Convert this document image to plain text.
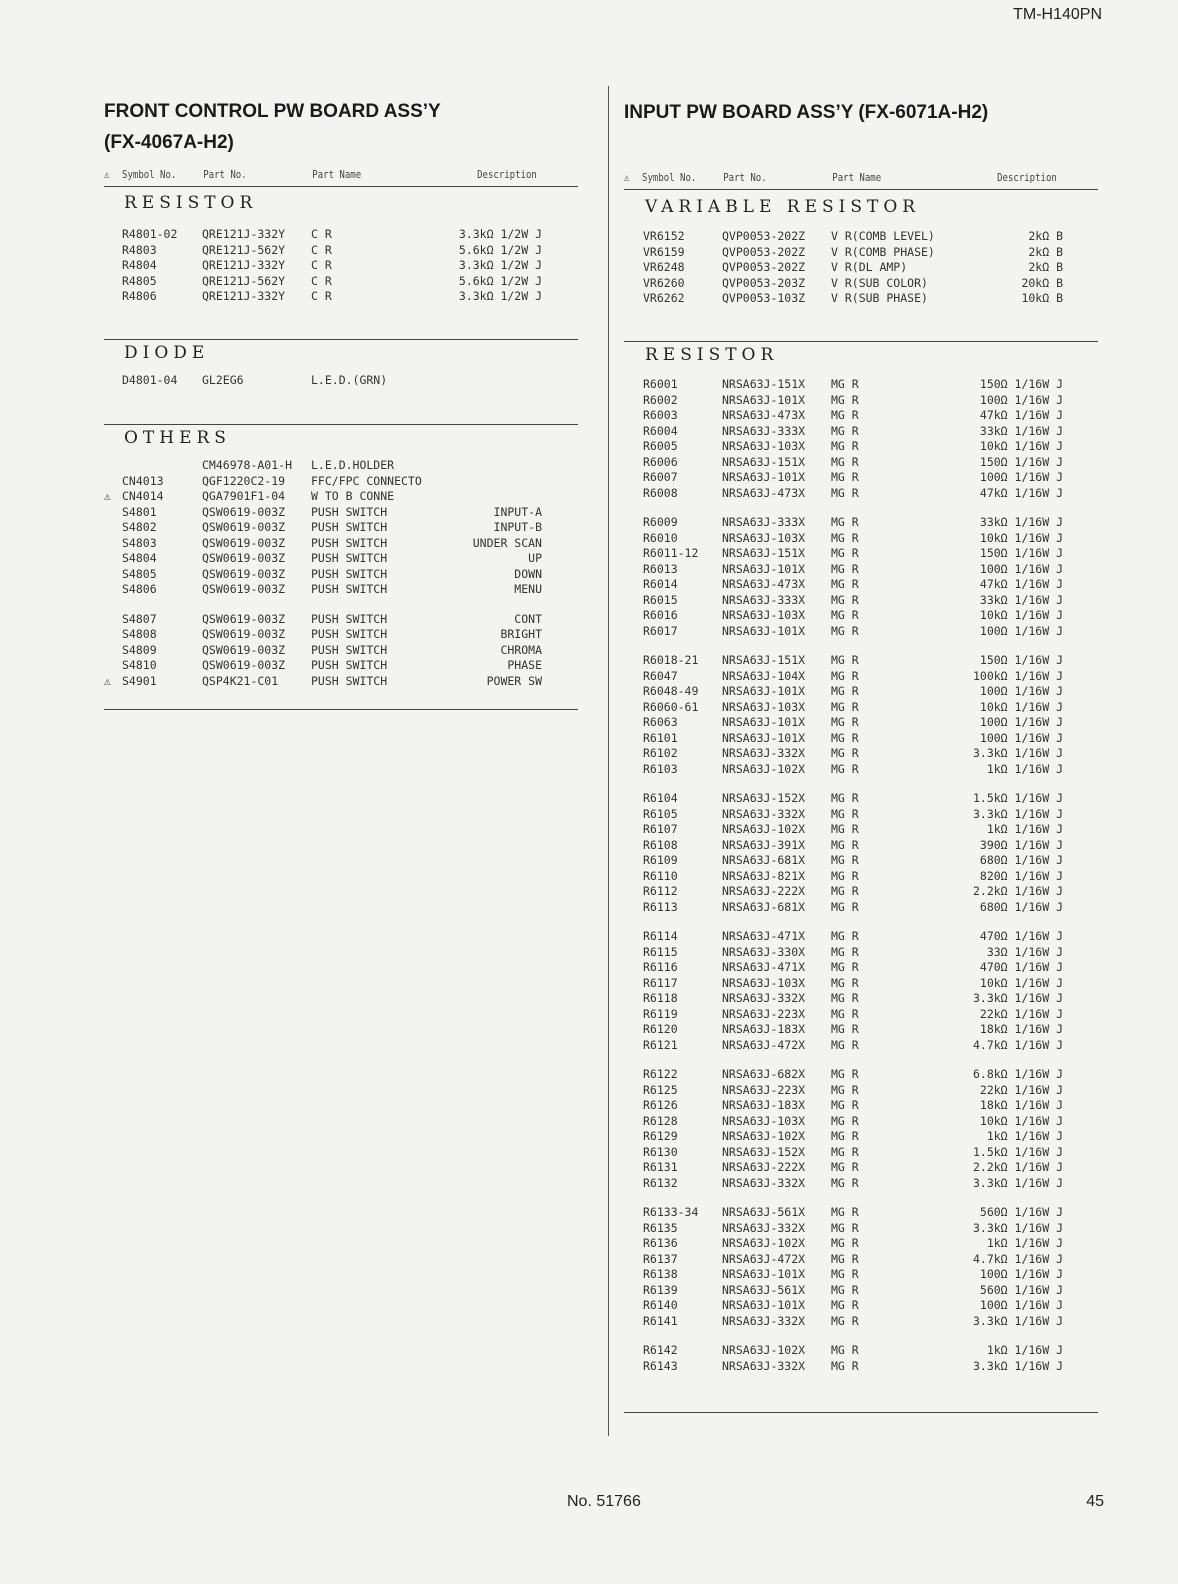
TM-H140PN
FRONT CONTROL PW BOARD ASS’Y
(FX-4067A-H2)
⚠ Symbol No. Part No.	Part Name	Description
RESISTOR
R4801-02 QRE121J-332Y C R	3.3kΩ 1/2W J
R4803	QRE121J-562Y C R	5.6kΩ 1/2W J
R4804	QRE121J-332Y C R	3.3kΩ 1/2W J
R4805	QRE121J-562Y C R	5.6kΩ 1/2W J
R4806	QRE121J-332Y C R	3.3kΩ 1/2W J
DIODE
D4801-04 GL2EG6	L.E.D.(GRN)
OTHERS
CM46978-A01-H L.E.D.HOLDER
CN4013	QGF1220C2-19 FFC/FPC CONNECTO
⚠ CN4014	QGA7901F1-04 W TO B CONNE
S4801	QSW0619-003Z PUSH SWITCH	INPUT-A
S4802	QSW0619-003Z PUSH SWITCH	INPUT-B
S4803	QSW0619-003Z PUSH SWITCH	UNDER SCAN
S4804	QSW0619-003Z PUSH SWITCH	UP
S4805	QSW0619-003Z PUSH SWITCH	DOWN
S4806	QSW0619-003Z PUSH SWITCH	MENU
S4807	QSW0619-003Z PUSH SWITCH	CONT
S4808	QSW0619-003Z PUSH SWITCH	BRIGHT
S4809	QSW0619-003Z PUSH SWITCH	CHROMA
S4810	QSW0619-003Z PUSH SWITCH	PHASE
⚠ S4901	QSP4K21-C01	PUSH SWITCH	POWER SW
INPUT PW BOARD ASS’Y (FX-6071A-H2)
⚠ Symbol No. Part No.	Part Name	Description
VARIABLE RESISTOR
VR6152	QVP0053-202Z V R(COMB LEVEL)	2kΩ B
VR6159	QVP0053-202Z V R(COMB PHASE)	2kΩ B
VR6248	QVP0053-202Z V R(DL AMP)	2kΩ B
VR6260	QVP0053-203Z V R(SUB COLOR)	20kΩ B
VR6262	QVP0053-103Z V R(SUB PHASE)	10kΩ B
RESISTOR
R6001	NRSA63J-151X MG R	150Ω 1/16W J
R6002	NRSA63J-101X MG R	100Ω 1/16W J
R6003	NRSA63J-473X MG R	47kΩ 1/16W J
R6004	NRSA63J-333X MG R	33kΩ 1/16W J
R6005	NRSA63J-103X MG R	10kΩ 1/16W J
R6006	NRSA63J-151X MG R	150Ω 1/16W J
R6007	NRSA63J-101X MG R	100Ω 1/16W J
R6008	NRSA63J-473X MG R	47kΩ 1/16W J
R6009	NRSA63J-333X MG R	33kΩ 1/16W J
R6010	NRSA63J-103X MG R	10kΩ 1/16W J
R6011-12 NRSA63J-151X MG R	150Ω 1/16W J
R6013	NRSA63J-101X MG R	100Ω 1/16W J
R6014	NRSA63J-473X MG R	47kΩ 1/16W J
R6015	NRSA63J-333X MG R	33kΩ 1/16W J
R6016	NRSA63J-103X MG R	10kΩ 1/16W J
R6017	NRSA63J-101X MG R	100Ω 1/16W J
R6018-21 NRSA63J-151X MG R	150Ω 1/16W J
R6047	NRSA63J-104X MG R	100kΩ 1/16W J
R6048-49 NRSA63J-101X MG R	100Ω 1/16W J
R6060-61 NRSA63J-103X MG R	10kΩ 1/16W J
R6063	NRSA63J-101X MG R	100Ω 1/16W J
R6101	NRSA63J-101X MG R	100Ω 1/16W J
R6102	NRSA63J-332X MG R	3.3kΩ 1/16W J
R6103	NRSA63J-102X MG R	1kΩ 1/16W J
R6104	NRSA63J-152X MG R	1.5kΩ 1/16W J
R6105	NRSA63J-332X MG R	3.3kΩ 1/16W J
R6107	NRSA63J-102X MG R	1kΩ 1/16W J
R6108	NRSA63J-391X MG R	390Ω 1/16W J
R6109	NRSA63J-681X MG R	680Ω 1/16W J
R6110	NRSA63J-821X MG R	820Ω 1/16W J
R6112	NRSA63J-222X MG R	2.2kΩ 1/16W J
R6113	NRSA63J-681X MG R	680Ω 1/16W J
R6114	NRSA63J-471X MG R	470Ω 1/16W J
R6115	NRSA63J-330X MG R	33Ω 1/16W J
R6116	NRSA63J-471X MG R	470Ω 1/16W J
R6117	NRSA63J-103X MG R	10kΩ 1/16W J
R6118	NRSA63J-332X MG R	3.3kΩ 1/16W J
R6119	NRSA63J-223X MG R	22kΩ 1/16W J
R6120	NRSA63J-183X MG R	18kΩ 1/16W J
R6121	NRSA63J-472X MG R	4.7kΩ 1/16W J
R6122	NRSA63J-682X MG R	6.8kΩ 1/16W J
R6125	NRSA63J-223X MG R	22kΩ 1/16W J
R6126	NRSA63J-183X MG R	18kΩ 1/16W J
R6128	NRSA63J-103X MG R	10kΩ 1/16W J
R6129	NRSA63J-102X MG R	1kΩ 1/16W J
R6130	NRSA63J-152X MG R	1.5kΩ 1/16W J
R6131	NRSA63J-222X MG R	2.2kΩ 1/16W J
R6132	NRSA63J-332X MG R	3.3kΩ 1/16W J
R6133-34 NRSA63J-561X MG R	560Ω 1/16W J
R6135	NRSA63J-332X MG R	3.3kΩ 1/16W J
R6136	NRSA63J-102X MG R	1kΩ 1/16W J
R6137	NRSA63J-472X MG R	4.7kΩ 1/16W J
R6138	NRSA63J-101X MG R	100Ω 1/16W J
R6139	NRSA63J-561X MG R	560Ω 1/16W J
R6140	NRSA63J-101X MG R	100Ω 1/16W J
R6141	NRSA63J-332X MG R	3.3kΩ 1/16W J
R6142	NRSA63J-102X MG R	1kΩ 1/16W J
R6143	NRSA63J-332X MG R	3.3kΩ 1/16W J
No. 51766	45
